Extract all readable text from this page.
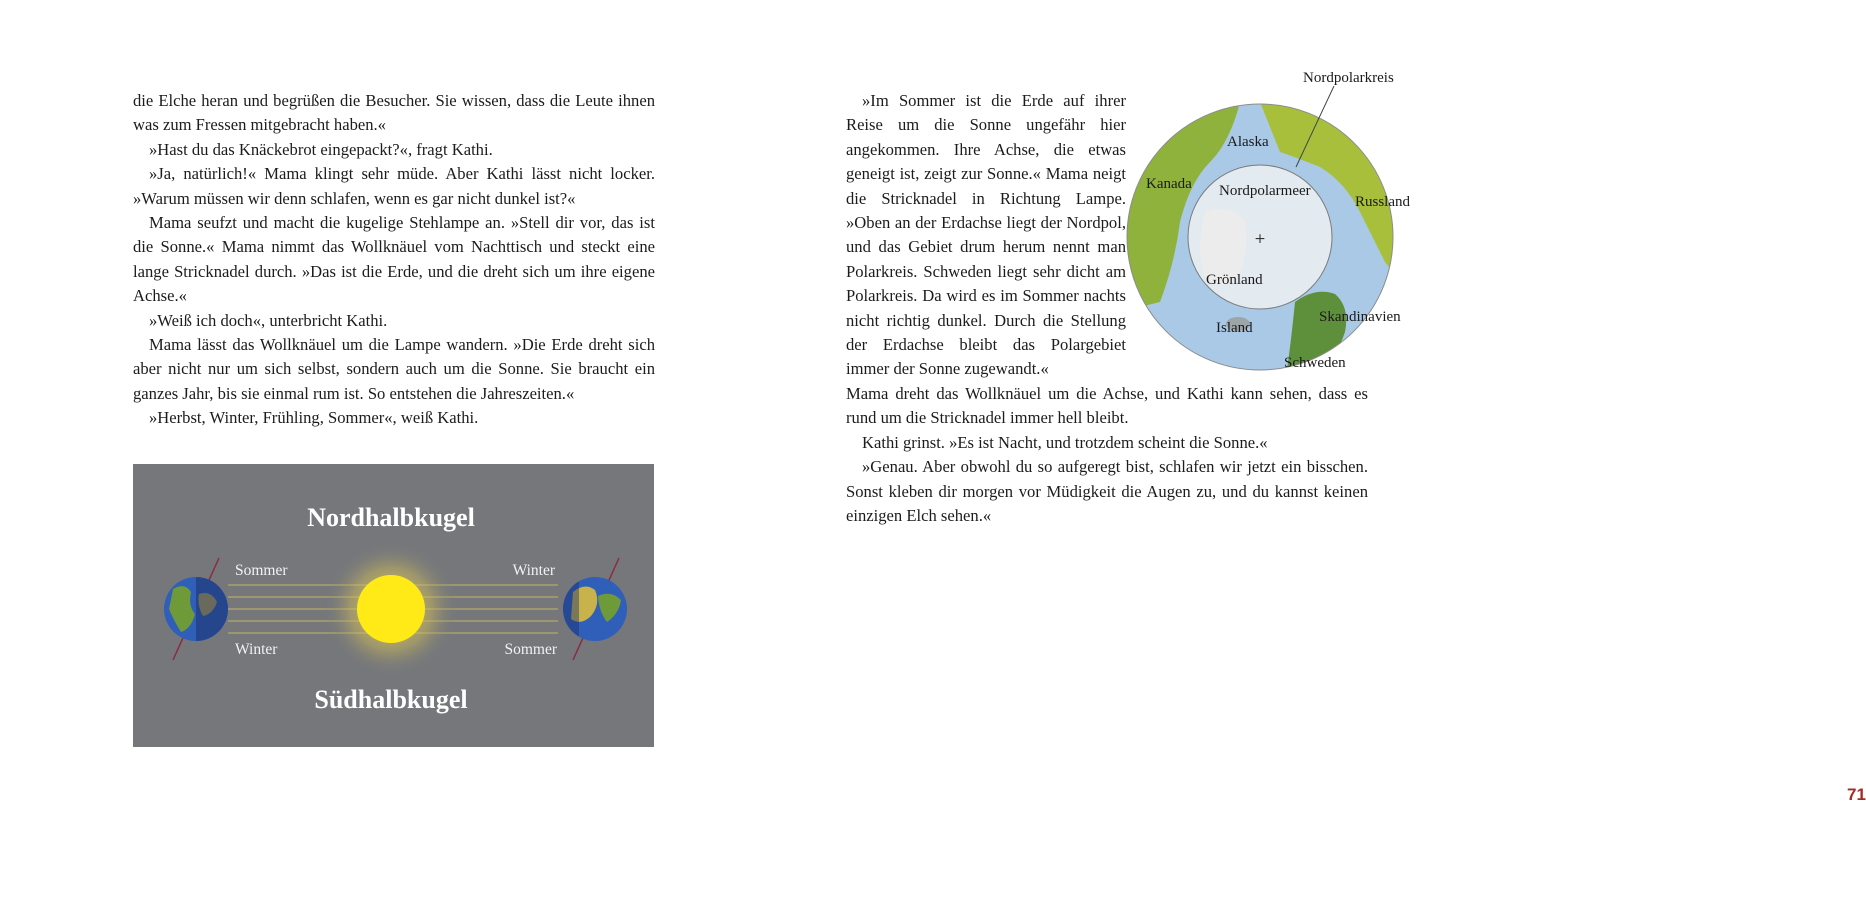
die Elche heran und begrüßen die Besucher. Sie wissen, dass die Leute ihnen was zum Fressen mitgebracht haben.«

»Hast du das Knäckebrot eingepackt?«, fragt Kathi.

»Ja, natürlich!« Mama klingt sehr müde. Aber Kathi lässt nicht locker. »Warum müssen wir denn schlafen, wenn es gar nicht dunkel ist?«

Mama seufzt und macht die kugelige Stehlampe an. »Stell dir vor, das ist die Sonne.« Mama nimmt das Wollknäuel vom Nachttisch und steckt eine lange Stricknadel durch. »Das ist die Erde, und die dreht sich um ihre eigene Achse.«

»Weiß ich doch«, unterbricht Kathi.

Mama lässt das Wollknäuel um die Lampe wandern. »Die Erde dreht sich aber nicht nur um sich selbst, sondern auch um die Sonne. Sie braucht ein ganzes Jahr, bis sie einmal rum ist. So entstehen die Jahreszeiten.«

»Herbst, Winter, Frühling, Sommer«, weiß Kathi.

Nordhalbkugel
Südhalbkugel
Sommer
Winter
Winter
Sommer

»Im Sommer ist die Erde auf ihrer Reise um die Sonne ungefähr hier angekommen. Ihre Achse, die etwas geneigt ist, zeigt zur Sonne.« Mama neigt die Stricknadel in Richtung Lampe. »Oben an der Erdachse liegt der Nordpol, und das Gebiet drum herum nennt man Polarkreis. Schweden liegt sehr dicht am Polarkreis. Da wird es im Sommer nachts nicht richtig dunkel. Durch die Stellung der Erdachse bleibt das Polargebiet immer der Sonne zugewandt.«

Mama dreht das Wollknäuel um die Achse, und Kathi kann sehen, dass es rund um die Stricknadel immer hell bleibt.

Kathi grinst. »Es ist Nacht, und trotzdem scheint die Sonne.«

»Genau. Aber obwohl du so aufgeregt bist, schlafen wir jetzt ein bisschen. Sonst kleben dir morgen vor Müdigkeit die Augen zu, und du kannst keinen einzigen Elch sehen.«

71
+
Nordpolarkreis
Alaska
Kanada Nordpolarmeer
Russland
Grönland
Island
Skandinavien
Schweden
